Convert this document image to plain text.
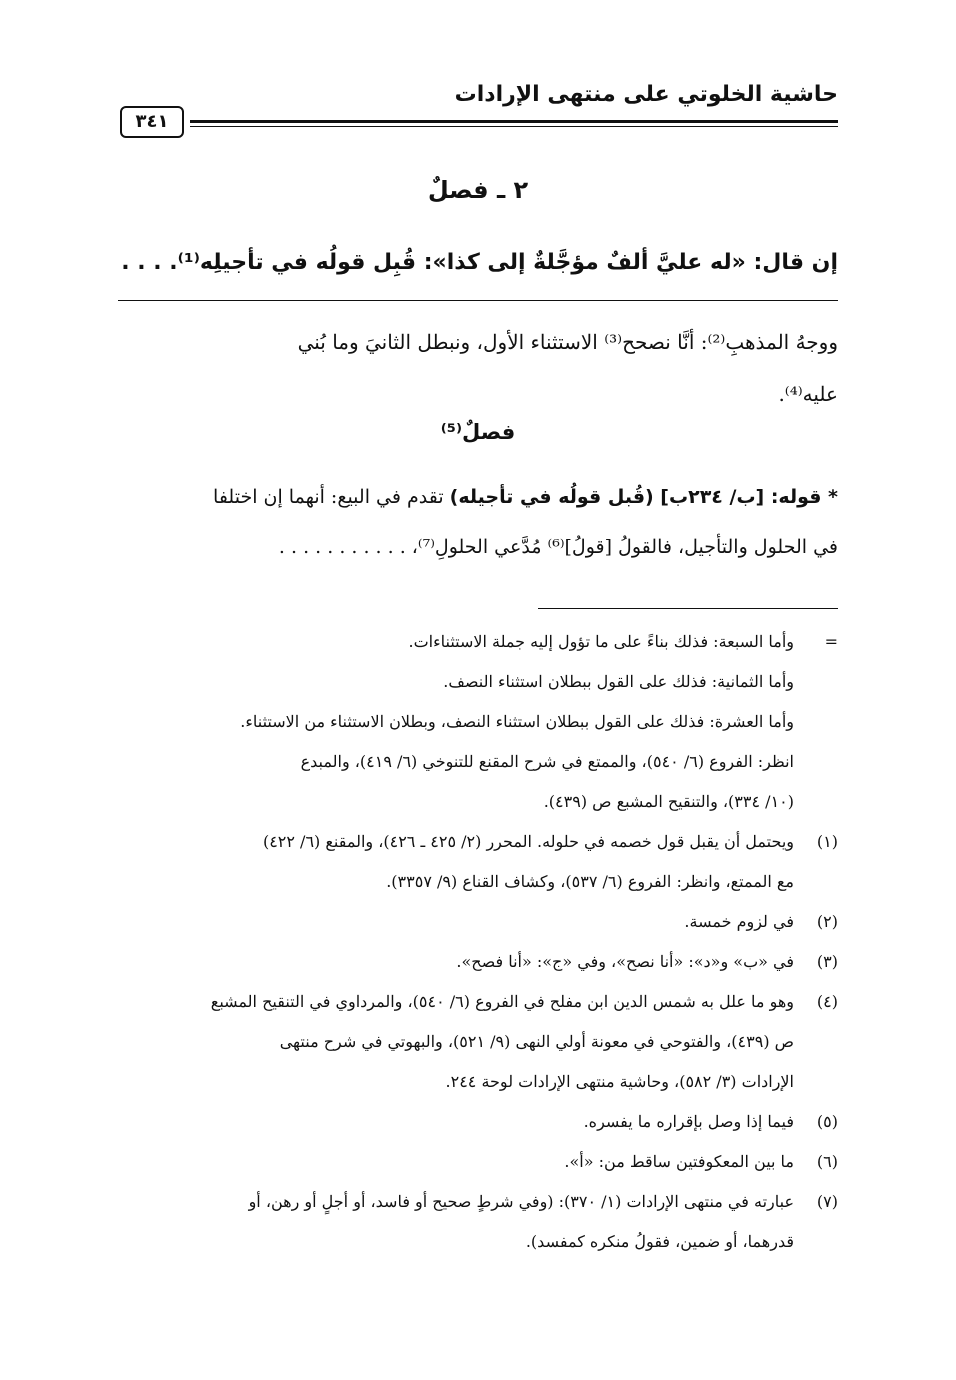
حاشية الخلوتي على منتهى الإرادات
٣٤١
٢ ـ فصلٌ
إن قال: «له عليَّ ألفٌ مؤجَّلةٌ إلى كذا»: قُبِل قولُه في تأجيلِه⁽¹⁾. . . .

ووجهُ المذهبِ⁽²⁾: أنَّا نصحح⁽³⁾ الاستثناء الأول، ونبطل الثانيَ وما بُني

عليه⁽⁴⁾.

فصلٌ⁽⁵⁾

* قوله: [ب/ ٢٣٤ب] (قُبل قولُه في تأجيله) تقدم في البيع: أنهما إن اختلفا

في الحلول والتأجيل، فالقولُ [قولُ]⁽⁶⁾ مُدَّعي الحلولِ⁽⁷⁾، . . . . . . . . . . .

=
وأما السبعة: فذلك بناءً على ما تؤول إليه جملة الاستثناءات.
وأما الثمانية: فذلك على القول ببطلان استثناء النصف.
وأما العشرة: فذلك على القول ببطلان استثناء النصف، وبطلان الاستثناء من الاستثناء.
انظر: الفروع (٦/ ٥٤٠)، والممتع في شرح المقنع للتنوخي (٦/ ٤١٩)، والمبدع
(١٠/ ٣٣٤)، والتنقيح المشبع ص (٤٣٩).
(١)
ويحتمل أن يقبل قول خصمه في حلوله. المحرر (٢/ ٤٢٥ ـ ٤٢٦)، والمقنع (٦/ ٤٢٢)
مع الممتع، وانظر: الفروع (٦/ ٥٣٧)، وكشاف القناع (٩/ ٣٣٥٧).
(٢)
في لزوم خمسة.
(٣)
في «ب» و«د»: «أنا نصح»، وفي «ج»: «أنا فصح».
(٤)
وهو ما علل به شمس الدين ابن مفلح في الفروع (٦/ ٥٤٠)، والمرداوي في التنقيح المشبع
ص (٤٣٩)، والفتوحي في معونة أولي النهى (٩/ ٥٢١)، والبهوتي في شرح منتهى
الإرادات (٣/ ٥٨٢)، وحاشية منتهى الإرادات لوحة ٢٤٤.
(٥)
فيما إذا وصل بإقراره ما يفسره.
(٦)
ما بين المعكوفتين ساقط من: «أ».
(٧)
عبارته في منتهى الإرادات (١/ ٣٧٠): (وفي شرطٍ صحيح أو فاسد، أو أجلٍ أو رهن، أو
قدرهما، أو ضمين، فقولُ منكره كمفسد).
